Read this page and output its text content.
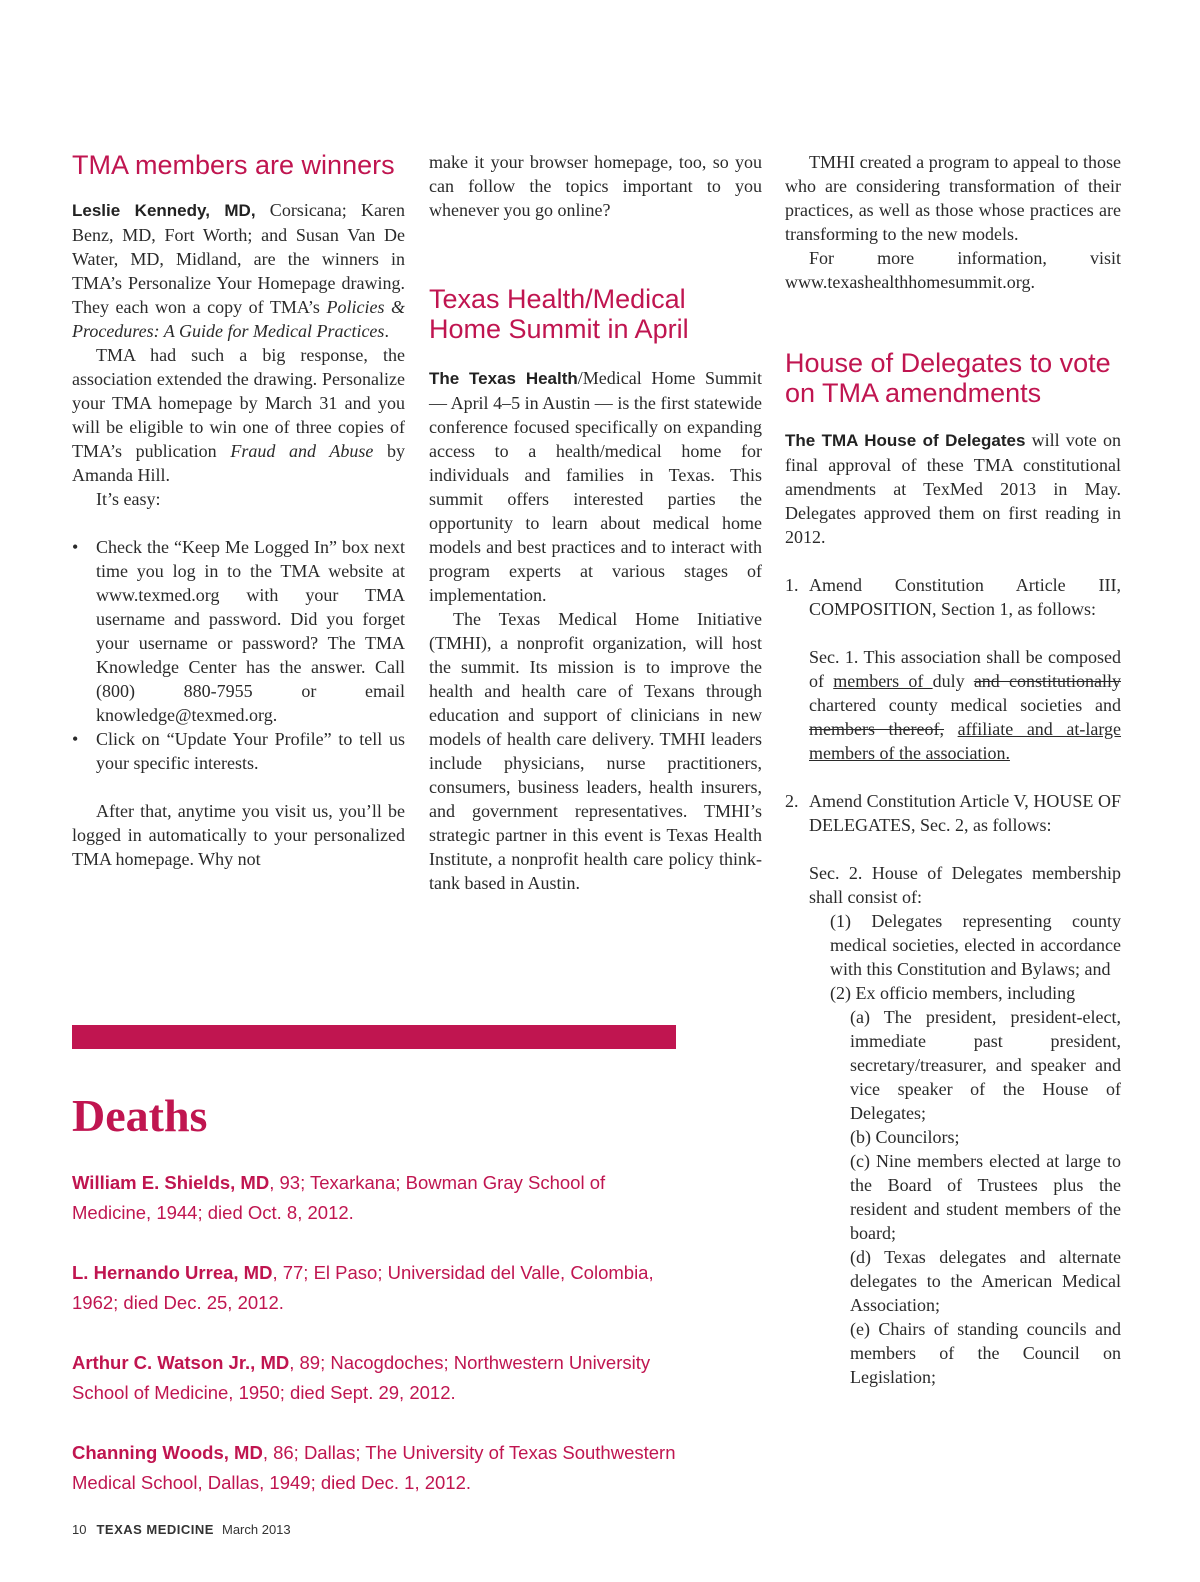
TMA members are winners

Leslie Kennedy, MD, Corsicana; Karen Benz, MD, Fort Worth; and Susan Van De Water, MD, Midland, are the winners in TMA’s Personalize Your Homepage drawing. They each won a copy of TMA’s Policies & Procedures: A Guide for Medical Practices.

TMA had such a big response, the association extended the drawing. Personalize your TMA homepage by March 31 and you will be eligible to win one of three copies of TMA’s publication Fraud and Abuse by Amanda Hill.

It’s easy:

• Check the “Keep Me Logged In” box next time you log in to the TMA website at www.texmed.org with your TMA username and password. Did you forget your username or password? The TMA Knowledge Center has the answer. Call (800) 880-7955 or email knowledge@texmed.org.
• Click on “Update Your Profile” to tell us your specific interests.

After that, anytime you visit us, you’ll be logged in automatically to your personalized TMA homepage. Why not

make it your browser homepage, too, so you can follow the topics important to you whenever you go online?

Texas Health/Medical Home Summit in April

The Texas Health/Medical Home Summit — April 4–5 in Austin — is the first statewide conference focused specifically on expanding access to a health/medical home for individuals and families in Texas. This summit offers interested parties the opportunity to learn about medical home models and best practices and to interact with program experts at various stages of implementation.

The Texas Medical Home Initiative (TMHI), a nonprofit organization, will host the summit. Its mission is to improve the health and health care of Texans through education and support of clinicians in new models of health care delivery. TMHI leaders include physicians, nurse practitioners, consumers, business leaders, health insurers, and government representatives. TMHI’s strategic partner in this event is Texas Health Institute, a nonprofit health care policy think-tank based in Austin.

TMHI created a program to appeal to those who are considering transformation of their practices, as well as those whose practices are transforming to the new models.

For more information, visit www.texashealthhomesummit.org.

House of Delegates to vote on TMA amendments

The TMA House of Delegates will vote on final approval of these TMA constitutional amendments at TexMed 2013 in May. Delegates approved them on first reading in 2012.

1. Amend Constitution Article III, COMPOSITION, Section 1, as follows:

Sec. 1. This association shall be composed of members of duly and constitutionally chartered county medical societies and members thereof, affiliate and at-large members of the association.

2. Amend Constitution Article V, HOUSE OF DELEGATES, Sec. 2, as follows:

Sec. 2. House of Delegates membership shall consist of:

(1) Delegates representing county medical societies, elected in accordance with this Constitution and Bylaws; and

(2) Ex officio members, including

(a) The president, president-elect, immediate past president, secretary/treasurer, and speaker and vice speaker of the House of Delegates;

(b) Councilors;

(c) Nine members elected at large to the Board of Trustees plus the resident and student members of the board;

(d) Texas delegates and alternate delegates to the American Medical Association;

(e) Chairs of standing councils and members of the Council on Legislation;

Deaths

William E. Shields, MD, 93; Texarkana; Bowman Gray School of Medicine, 1944; died Oct. 8, 2012.

L. Hernando Urrea, MD, 77; El Paso; Universidad del Valle, Colombia, 1962; died Dec. 25, 2012.

Arthur C. Watson Jr., MD, 89; Nacogdoches; Northwestern University School of Medicine, 1950; died Sept. 29, 2012.

Channing Woods, MD, 86; Dallas; The University of Texas Southwestern Medical School, Dallas, 1949; died Dec. 1, 2012.

10 TEXAS MEDICINE March 2013
